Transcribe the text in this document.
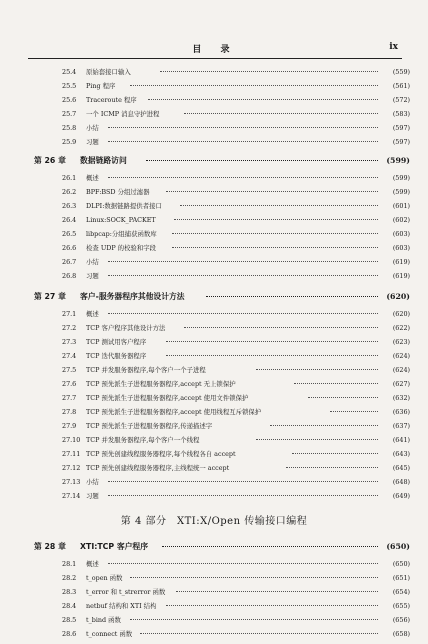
目 录	ix
25.4 原始套接口输入	(559)
25.5 Ping 程序	(561)
25.6 Traceroute 程序	(572)
25.7 一个 ICMP 消息守护进程	(583)
25.8 小结	(597)
25.9 习题	(597)
第 26 章 数据链路访问	(599)
26.1 概述	(599)
26.2 BPF:BSD 分组过滤器	(599)
26.3 DLPI:数据链路提供者接口	(601)
26.4 Linux:SOCK_PACKET	(602)
26.5 libpcap:分组捕获函数库	(603)
26.6 检查 UDP 的校验和字段	(603)
26.7 小结	(619)
26.8 习题	(619)
第 27 章 客户-服务器程序其他设计方法	(620)
27.1 概述	(620)
27.2 TCP 客户程序其他设计方法	(622)
27.3 TCP 测试用客户程序	(623)
27.4 TCP 迭代服务器程序	(624)
27.5 TCP 并发服务器程序,每个客户一个子进程	(624)
27.6 TCP 预先派生子进程服务器程序,accept 无上锁保护	(627)
27.7 TCP 预先派生子进程服务器程序,accept 使用文件锁保护	(632)
27.8 TCP 预先派生子进程服务器程序,accept 使用线程互斥锁保护	(636)
27.9 TCP 预先派生子进程服务器程序,传递描述字	(637)
27.10 TCP 并发服务器程序,每个客户一个线程	(641)
27.11 TCP 预先创建线程服务器程序,每个线程各自 accept	(643)
27.12 TCP 预先创建线程服务器程序,主线程统一 accept	(645)
27.13 小结	(648)
27.14 习题	(649)
第 4 部分　XTI:X/Open 传输接口编程
第 28 章 XTI:TCP 客户程序	(650)
28.1 概述	(650)
28.2 t_open 函数	(651)
28.3 t_error 和 t_strerror 函数	(654)
28.4 netbuf 结构和 XTI 结构	(655)
28.5 t_bind 函数	(656)
28.6 t_connect 函数	(658)
